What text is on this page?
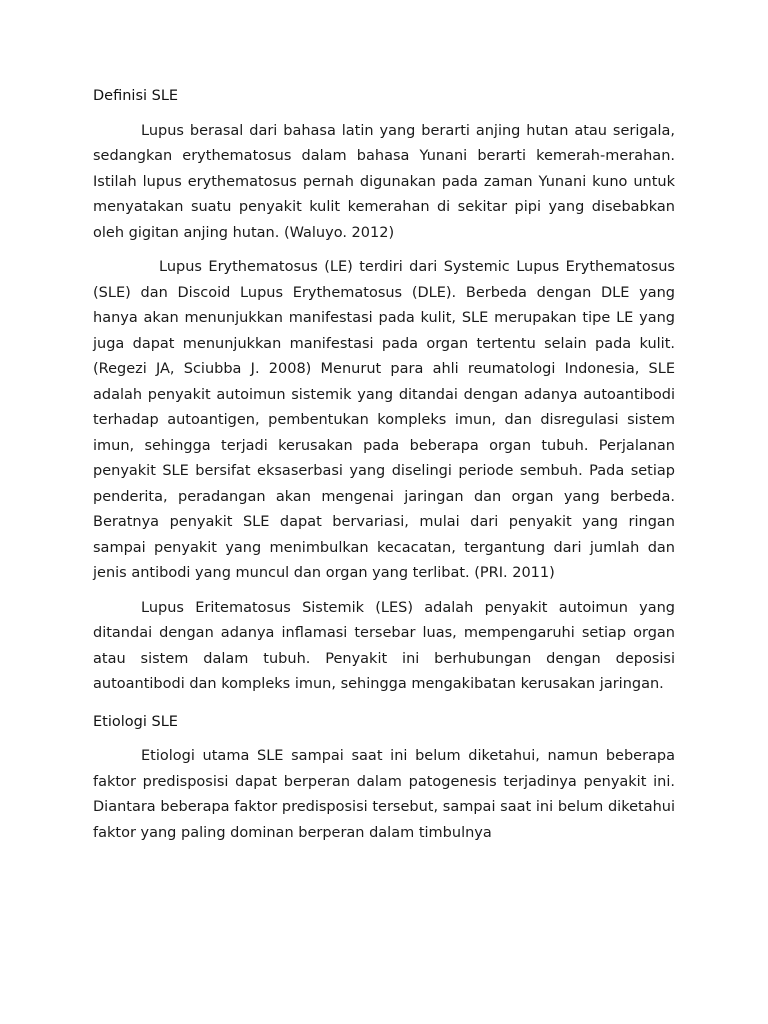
Definisi SLE

Lupus berasal dari bahasa latin yang berarti anjing hutan atau serigala, sedangkan erythematosus dalam bahasa Yunani berarti kemerah-merahan. Istilah lupus erythematosus pernah digunakan pada zaman Yunani kuno untuk menyatakan suatu penyakit kulit kemerahan di sekitar pipi yang disebabkan oleh gigitan anjing hutan. (Waluyo. 2012)

Lupus Erythematosus (LE) terdiri dari Systemic Lupus Erythematosus (SLE) dan Discoid Lupus Erythematosus (DLE). Berbeda dengan DLE yang hanya akan menunjukkan manifestasi pada kulit, SLE merupakan tipe LE yang juga dapat menunjukkan manifestasi pada organ tertentu selain pada kulit. (Regezi JA, Sciubba J. 2008) Menurut para ahli reumatologi Indonesia, SLE adalah penyakit autoimun sistemik yang ditandai dengan adanya autoantibodi terhadap autoantigen, pembentukan kompleks imun, dan disregulasi sistem imun, sehingga terjadi kerusakan pada beberapa organ tubuh. Perjalanan penyakit SLE bersifat eksaserbasi yang diselingi periode sembuh. Pada setiap penderita, peradangan akan mengenai jaringan dan organ yang berbeda. Beratnya penyakit SLE dapat bervariasi, mulai dari penyakit yang ringan sampai penyakit yang menimbulkan kecacatan, tergantung dari jumlah dan jenis antibodi yang muncul dan organ yang terlibat. (PRI. 2011)

Lupus Eritematosus Sistemik (LES) adalah penyakit autoimun yang ditandai dengan adanya inflamasi tersebar luas, mempengaruhi setiap organ atau sistem dalam tubuh. Penyakit ini berhubungan dengan deposisi autoantibodi dan kompleks imun, sehingga mengakibatan kerusakan jaringan.

Etiologi SLE

Etiologi utama SLE sampai saat ini belum diketahui, namun beberapa faktor predisposisi dapat berperan dalam patogenesis terjadinya penyakit ini. Diantara beberapa faktor predisposisi tersebut, sampai saat ini belum diketahui faktor yang paling dominan berperan dalam timbulnya
